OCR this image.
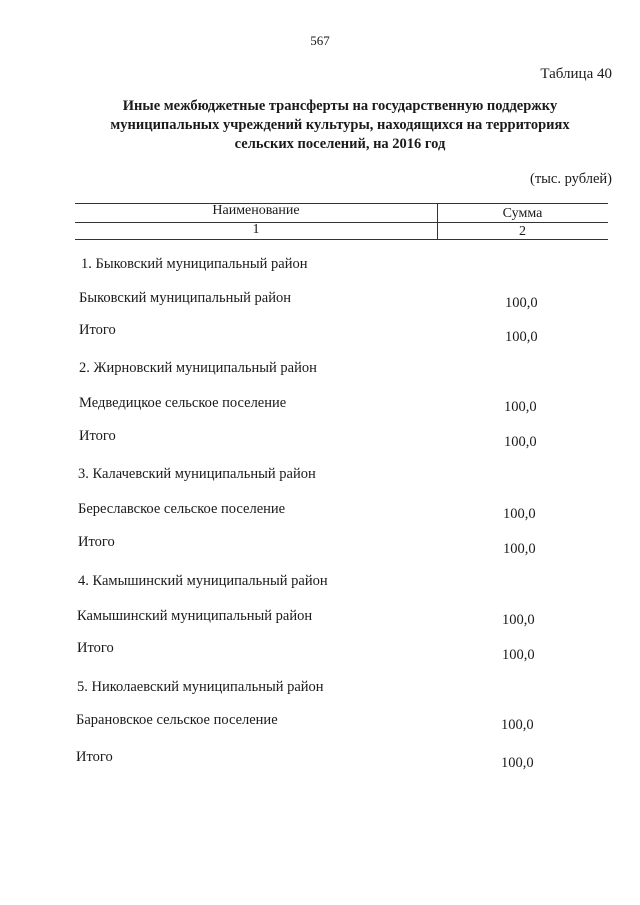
567
Таблица 40
Иные межбюджетные трансферты на государственную поддержку
муниципальных учреждений культуры, находящихся на территориях
сельских поселений, на 2016 год
(тыс. рублей)
Наименование	Сумма
1	2
1. Быковский муниципальный район
Быковский муниципальный район	100,0
Итого	100,0
2. Жирновский муниципальный район
Медведицкое сельское поселение	100,0
Итого	100,0
3. Калачевский муниципальный район
Береславское сельское поселение	100,0
Итого	100,0
4. Камышинский муниципальный район
Камышинский муниципальный район	100,0
Итого	100,0
5. Николаевский муниципальный район
Барановское сельское поселение	100,0
Итого	100,0
